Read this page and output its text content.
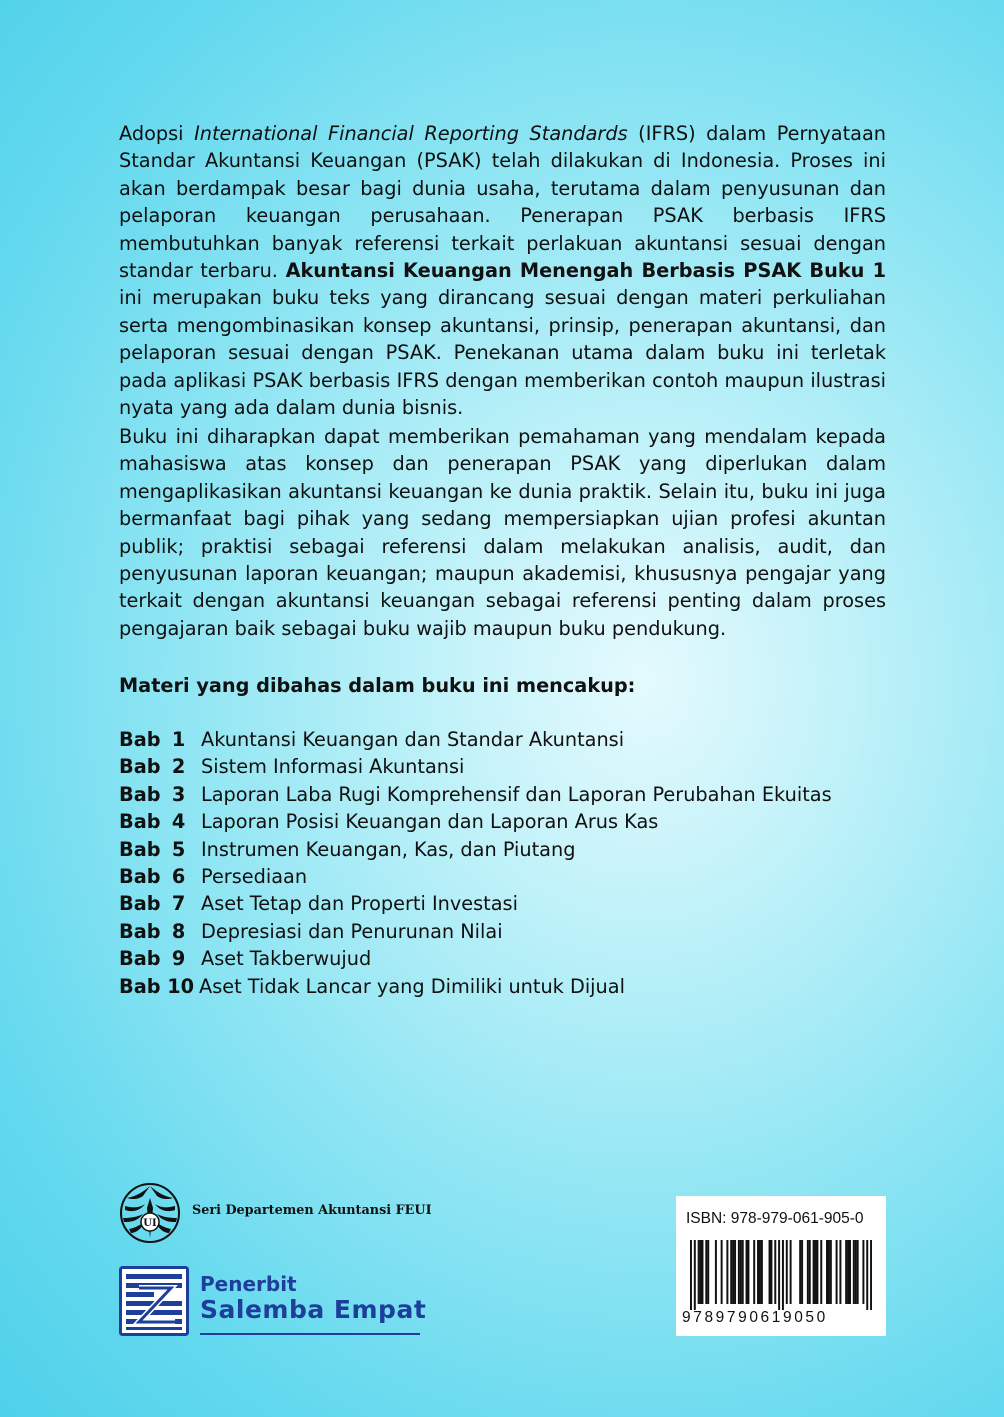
Adopsi International Financial Reporting Standards (IFRS) dalam Pernyataan Standar Akuntansi Keuangan (PSAK) telah dilakukan di Indonesia. Proses ini akan berdampak besar bagi dunia usaha, terutama dalam penyusunan dan pelaporan keuangan perusahaan. Penerapan PSAK berbasis IFRS membutuhkan banyak referensi terkait perlakuan akuntansi sesuai dengan standar terbaru. Akuntansi Keuangan Menengah Berbasis PSAK Buku 1 ini merupakan buku teks yang dirancang sesuai dengan materi perkuliahan serta mengombinasikan konsep akuntansi, prinsip, penerapan akuntansi, dan pelaporan sesuai dengan PSAK. Penekanan utama dalam buku ini terletak pada aplikasi PSAK berbasis IFRS dengan memberikan contoh maupun ilustrasi nyata yang ada dalam dunia bisnis.

Buku ini diharapkan dapat memberikan pemahaman yang mendalam kepada mahasiswa atas konsep dan penerapan PSAK yang diperlukan dalam mengaplikasikan akuntansi keuangan ke dunia praktik. Selain itu, buku ini juga bermanfaat bagi pihak yang sedang mempersiapkan ujian profesi akuntan publik; praktisi sebagai referensi dalam melakukan analisis, audit, dan penyusunan laporan keuangan; maupun akademisi, khususnya pengajar yang terkait dengan akuntansi keuangan sebagai referensi penting dalam proses pengajaran baik sebagai buku wajib maupun buku pendukung.

Materi yang dibahas dalam buku ini mencakup:

Bab 1 Akuntansi Keuangan dan Standar Akuntansi
Bab 2 Sistem Informasi Akuntansi
Bab 3 Laporan Laba Rugi Komprehensif dan Laporan Perubahan Ekuitas
Bab 4 Laporan Posisi Keuangan dan Laporan Arus Kas
Bab 5 Instrumen Keuangan, Kas, dan Piutang
Bab 6 Persediaan
Bab 7 Aset Tetap dan Properti Investasi
Bab 8 Depresiasi dan Penurunan Nilai
Bab 9 Aset Takberwujud
Bab 10 Aset Tidak Lancar yang Dimiliki untuk Dijual
UI

Seri Departemen Akuntansi FEUI

Penerbit
Salemba Empat

ISBN: 978-979-061-905-0

9789790619050
